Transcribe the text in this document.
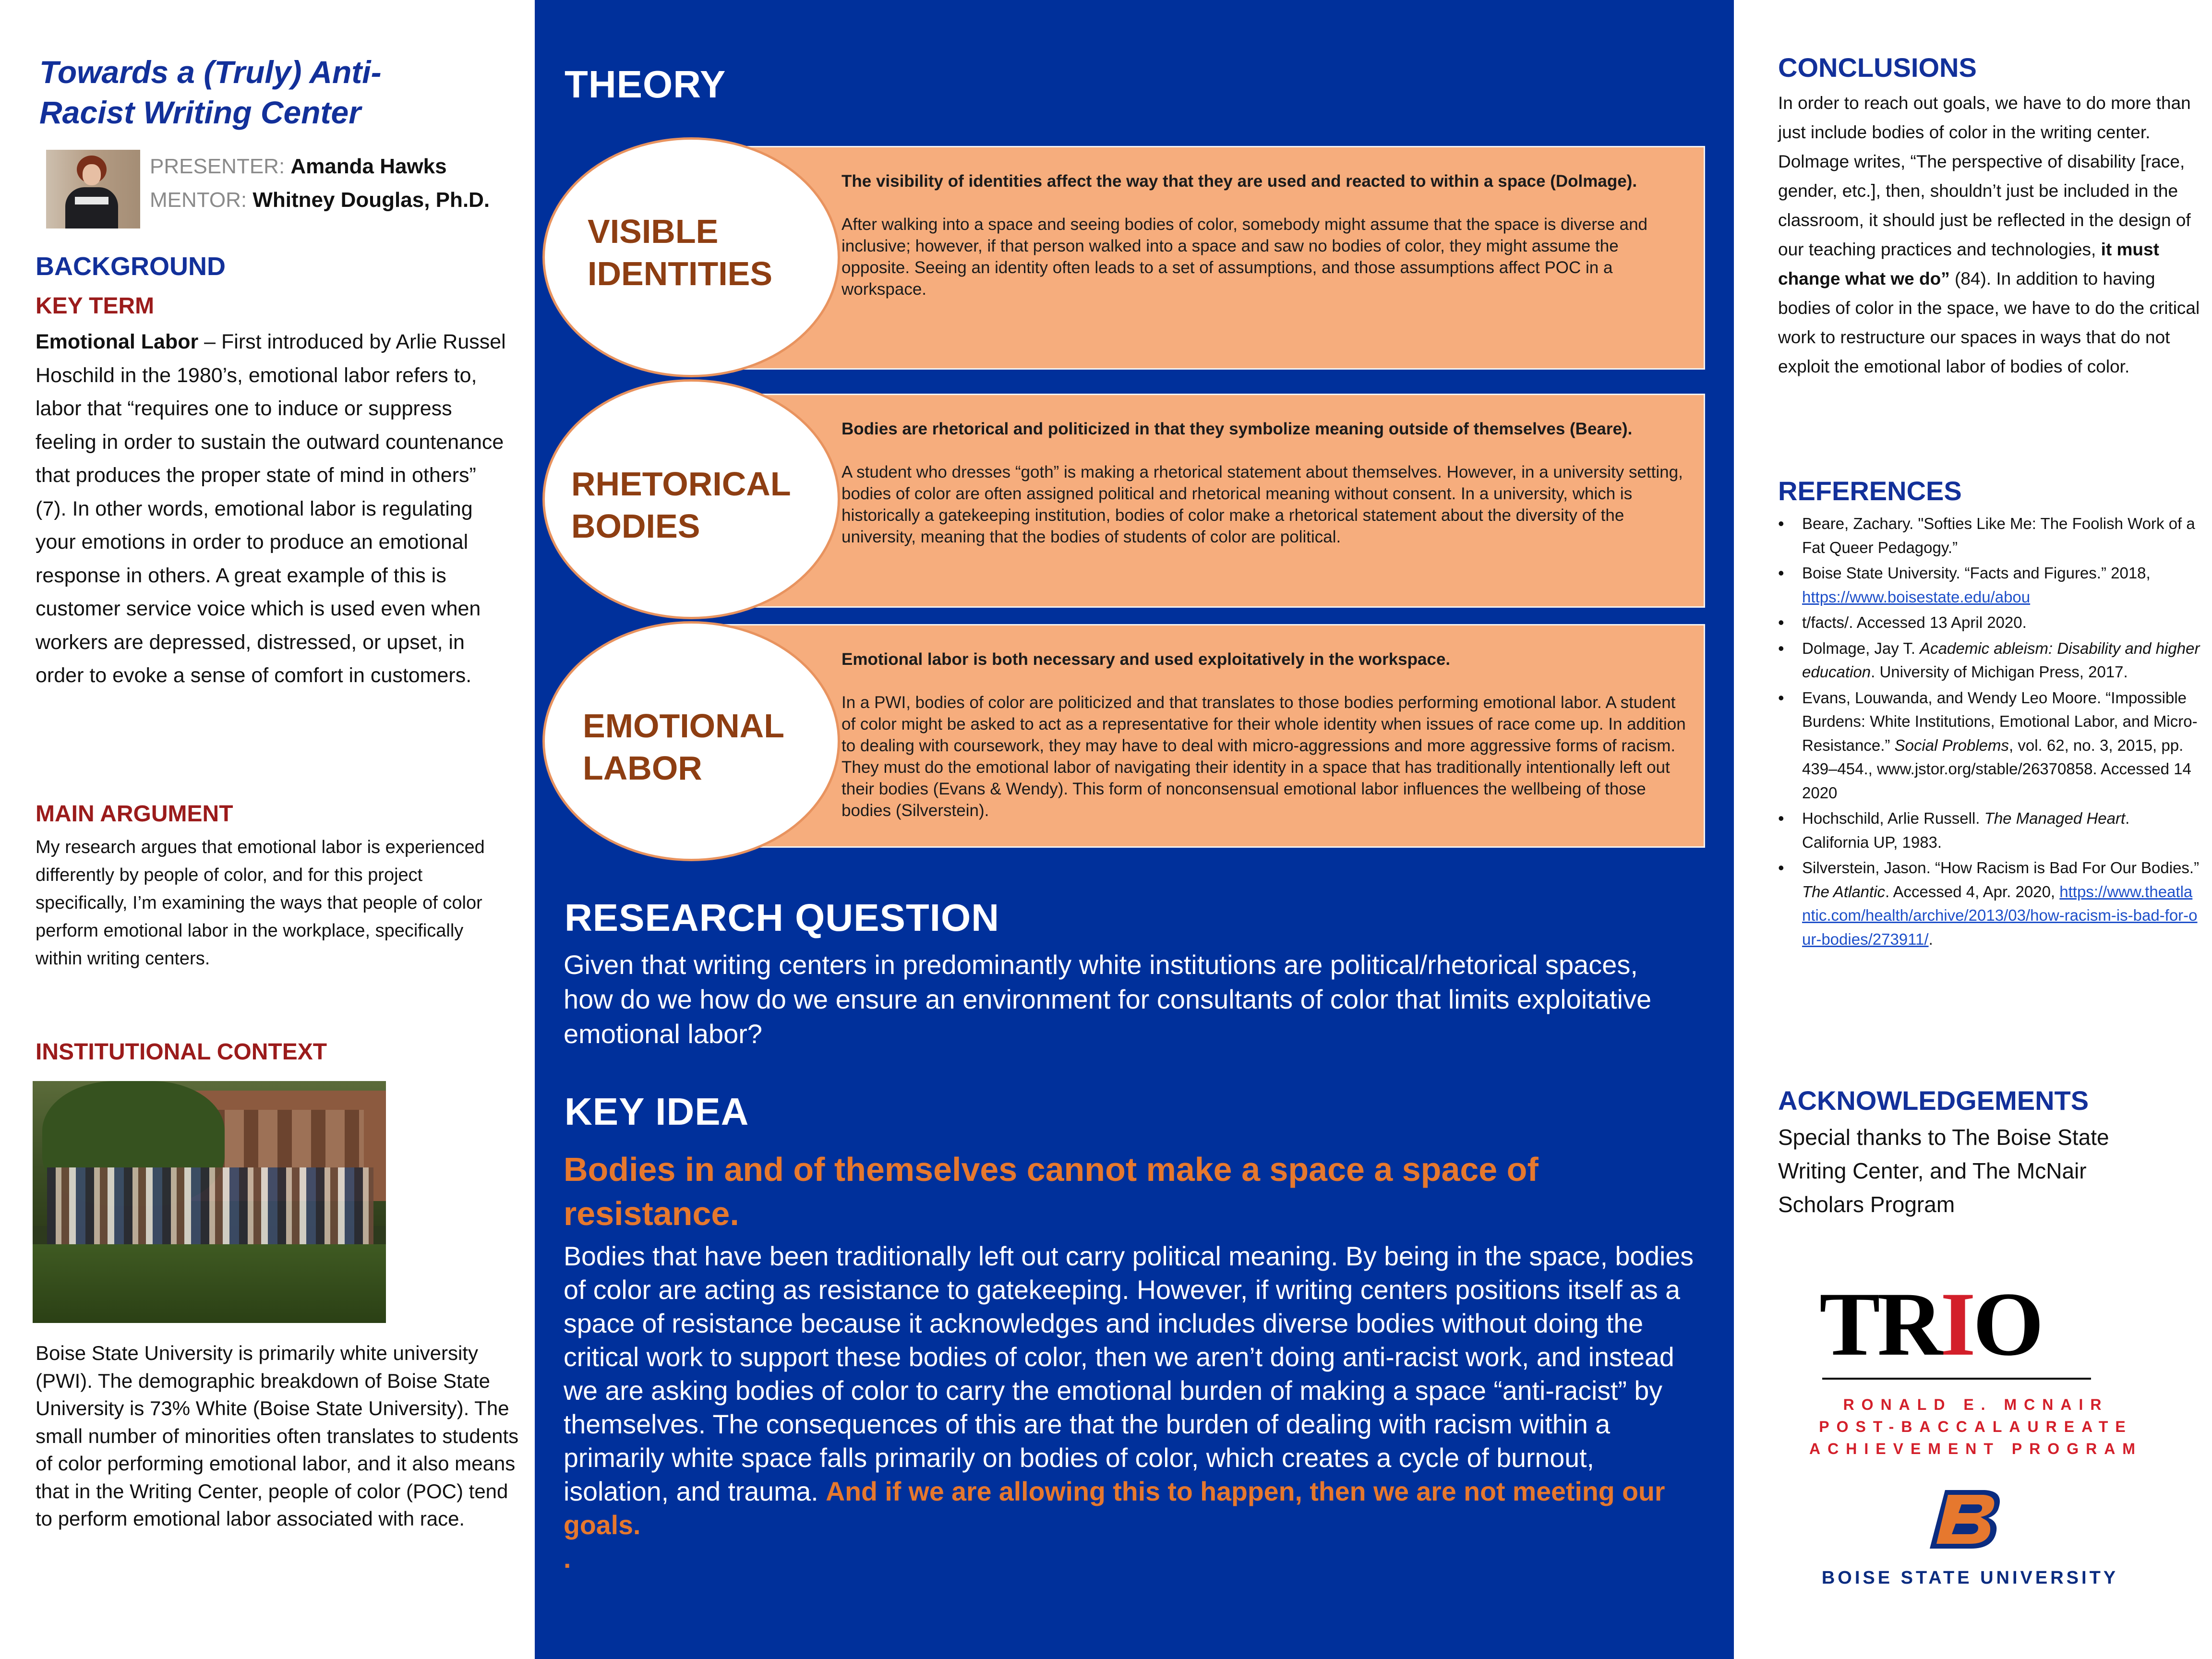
Towards a (Truly) Anti-Racist Writing Center
PRESENTER: Amanda Hawks
MENTOR: Whitney Douglas, Ph.D.
BACKGROUND
KEY TERM
Emotional Labor – First introduced by Arlie Russel Hoschild in the 1980’s, emotional labor refers to, labor that “requires one to induce or suppress feeling in order to sustain the outward countenance that produces the proper state of mind in others” (7). In other words, emotional labor is regulating your emotions in order to produce an emotional response in others. A great example of this is customer service voice which is used even when workers are depressed, distressed, or upset, in order to evoke a sense of comfort in customers.
MAIN ARGUMENT
My research argues that emotional labor is experienced differently by people of color, and for this project specifically, I’m examining the ways that people of color perform emotional labor in the workplace, specifically within writing centers.
INSTITUTIONAL CONTEXT
Boise State University is primarily white university (PWI). The demographic breakdown of Boise State University is 73% White (Boise State University). The small number of minorities often translates to students of color performing emotional labor, and it also means that in the Writing Center, people of color (POC) tend to perform emotional labor associated with race.
THEORY
The visibility of identities affect the way that they are used and reacted to within a space (Dolmage).
After walking into a space and seeing bodies of color, somebody might assume that the space is diverse and inclusive; however, if that person walked into a space and saw no bodies of color, they might assume the opposite. Seeing an identity often leads to a set of assumptions, and those assumptions affect POC in a workspace.
VISIBLE
IDENTITIES
Bodies are rhetorical and politicized in that they symbolize meaning outside of themselves (Beare).
A student who dresses “goth” is making a rhetorical statement about themselves. However, in a university setting, bodies of color are often assigned political and rhetorical meaning without consent. In a university, which is historically a gatekeeping institution, bodies of color make a rhetorical statement about the diversity of the university, meaning that the bodies of students of color are political.
RHETORICAL
BODIES
Emotional labor is both necessary and used exploitatively in the workspace.
In a PWI, bodies of color are politicized and that translates to those bodies performing emotional labor. A student of color might be asked to act as a representative for their whole identity when issues of race come up. In addition to dealing with coursework, they may have to deal with micro-aggressions and more aggressive forms of racism. They must do the emotional labor of navigating their identity in a space that has traditionally intentionally left out their bodies (Evans & Wendy). This form of nonconsensual emotional labor influences the wellbeing of those bodies (Silverstein).
EMOTIONAL
LABOR
RESEARCH QUESTION
Given that writing centers in predominantly white institutions are political/rhetorical spaces, how do we how do we ensure an environment for consultants of color that limits exploitative emotional labor?
KEY IDEA
Bodies in and of themselves cannot make a space a space of resistance.
Bodies that have been traditionally left out carry political meaning. By being in the space, bodies of color are acting as resistance to gatekeeping. However, if writing centers positions itself as a space of resistance because it acknowledges and includes diverse bodies without doing the critical work to support these bodies of color, then we aren’t doing anti-racist work, and instead we are asking bodies of color to carry the emotional burden of making a space “anti-racist” by themselves. The consequences of this are that the burden of dealing with racism within a primarily white space falls primarily on bodies of color, which creates a cycle of burnout, isolation, and trauma. And if we are allowing this to happen, then we are not meeting our goals.
.
CONCLUSIONS
In order to reach out goals, we have to do more than just include bodies of color in the writing center. Dolmage writes, “The perspective of disability [race, gender, etc.], then, shouldn’t just be included in the classroom, it should just be reflected in the design of our teaching practices and technologies, it must change what we do” (84). In addition to having bodies of color in the space, we have to do the critical work to restructure our spaces in ways that do not exploit the emotional labor of bodies of color.
REFERENCES
• Beare, Zachary. "Softies Like Me: The Foolish Work of a Fat Queer Pedagogy.”
• Boise State University. “Facts and Figures.” 2018, https://www.boisestate.edu/abou
• t/facts/. Accessed 13 April 2020.
• Dolmage, Jay T. Academic ableism: Disability and higher education. University of Michigan Press, 2017.
• Evans, Louwanda, and Wendy Leo Moore. “Impossible Burdens: White Institutions, Emotional Labor, and Micro-Resistance.” Social Problems, vol. 62, no. 3, 2015, pp. 439–454., www.jstor.org/stable/26370858. Accessed 14 2020
• Hochschild, Arlie Russell. The Managed Heart. California UP, 1983.
• Silverstein, Jason. “How Racism is Bad For Our Bodies.” The Atlantic. Accessed 4, Apr. 2020, https://www.theatlantic.com/health/archive/2013/03/how-racism-is-bad-for-our-bodies/273911/.
ACKNOWLEDGEMENTS
Special thanks to The Boise State Writing Center, and The McNair Scholars Program
TRIO
RONALD E. MCNAIR
POST-BACCALAUREATE
ACHIEVEMENT PROGRAM
BOISE STATE UNIVERSITY
